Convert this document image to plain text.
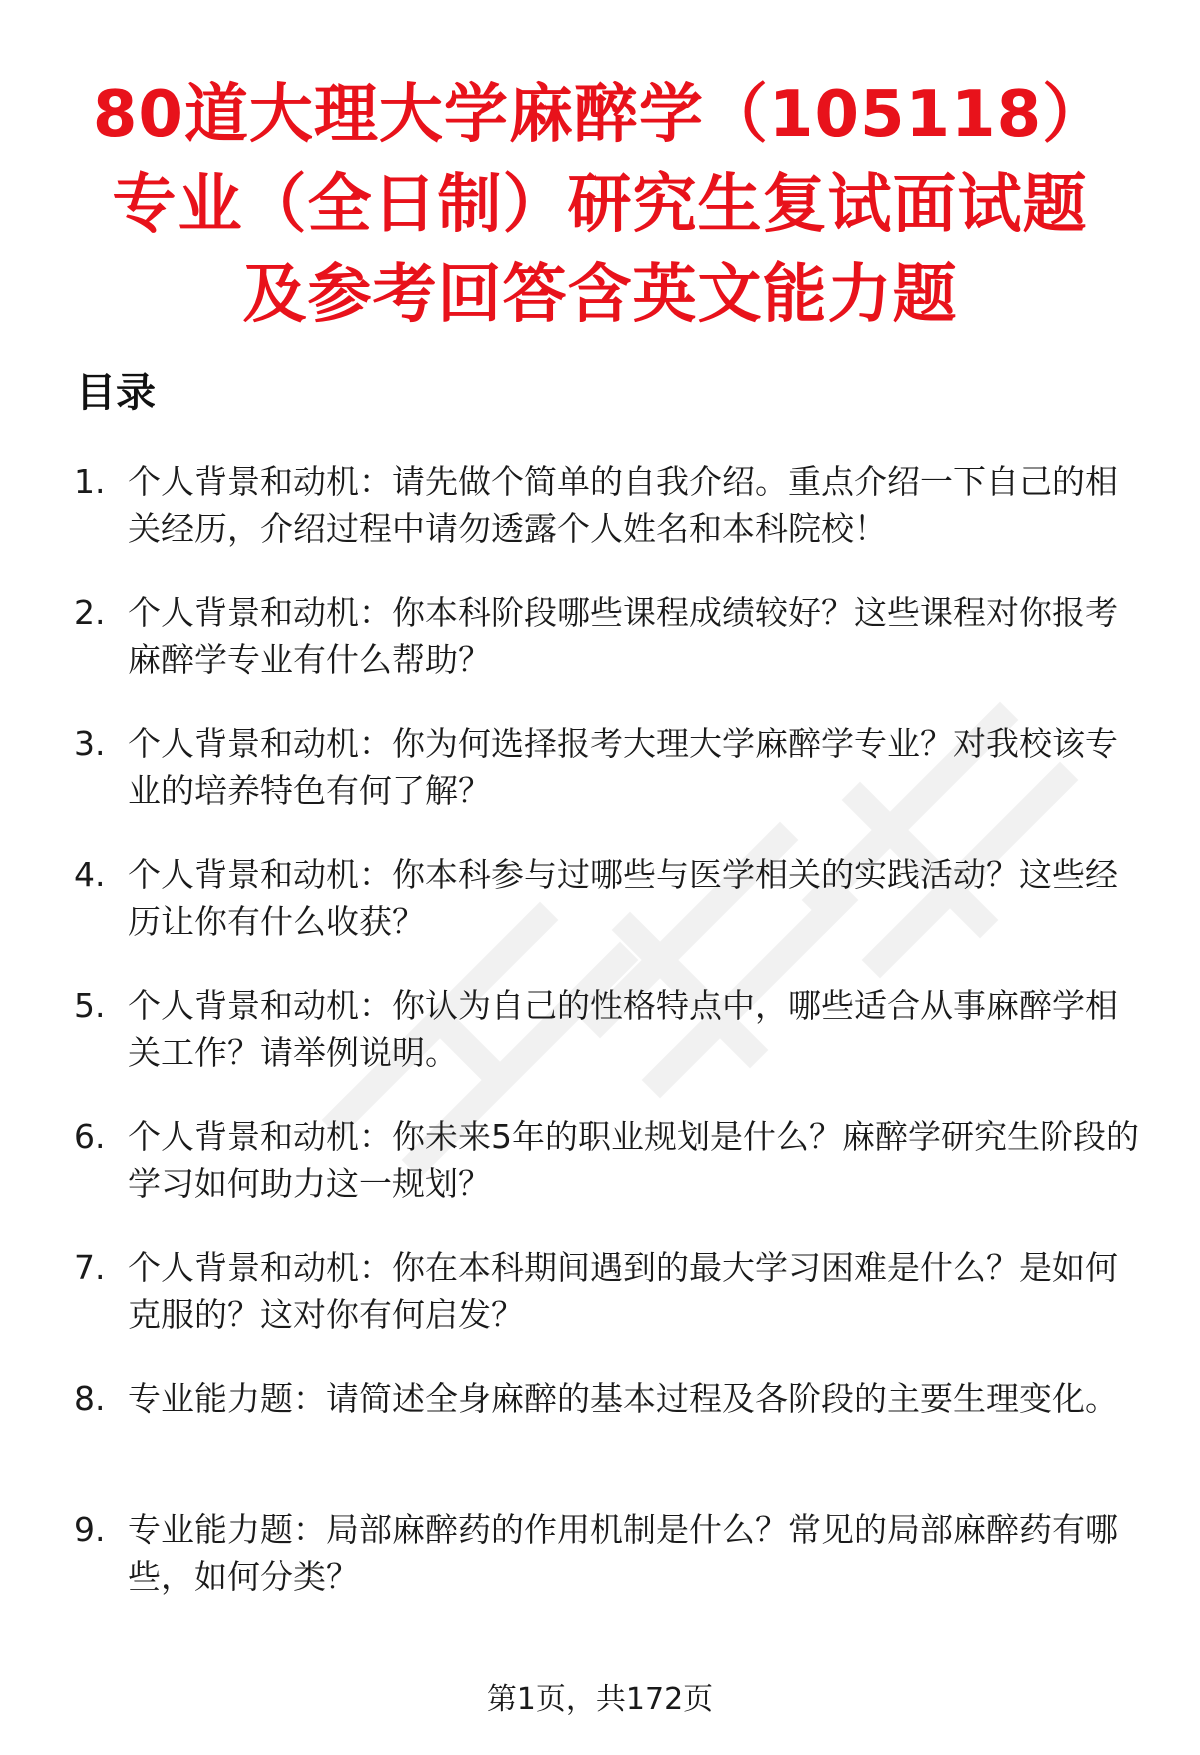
80道大理大学麻醉学（105118）
专业（全日制）研究生复试面试题
及参考回答含英文能力题
目录
1. 个人背景和动机：请先做个简单的自我介绍。重点介绍一下自己的相关经历，介绍过程中请勿透露个人姓名和本科院校！
2. 个人背景和动机：你本科阶段哪些课程成绩较好？这些课程对你报考麻醉学专业有什么帮助？
3. 个人背景和动机：你为何选择报考大理大学麻醉学专业？对我校该专业的培养特色有何了解？
4. 个人背景和动机：你本科参与过哪些与医学相关的实践活动？这些经历让你有什么收获？
5. 个人背景和动机：你认为自己的性格特点中，哪些适合从事麻醉学相关工作？请举例说明。
6. 个人背景和动机：你未来5年的职业规划是什么？麻醉学研究生阶段的学习如何助力这一规划？
7. 个人背景和动机：你在本科期间遇到的最大学习困难是什么？是如何克服的？这对你有何启发？
8. 专业能力题：请简述全身麻醉的基本过程及各阶段的主要生理变化。
9. 专业能力题：局部麻醉药的作用机制是什么？常见的局部麻醉药有哪些，如何分类？
第1页，共172页
